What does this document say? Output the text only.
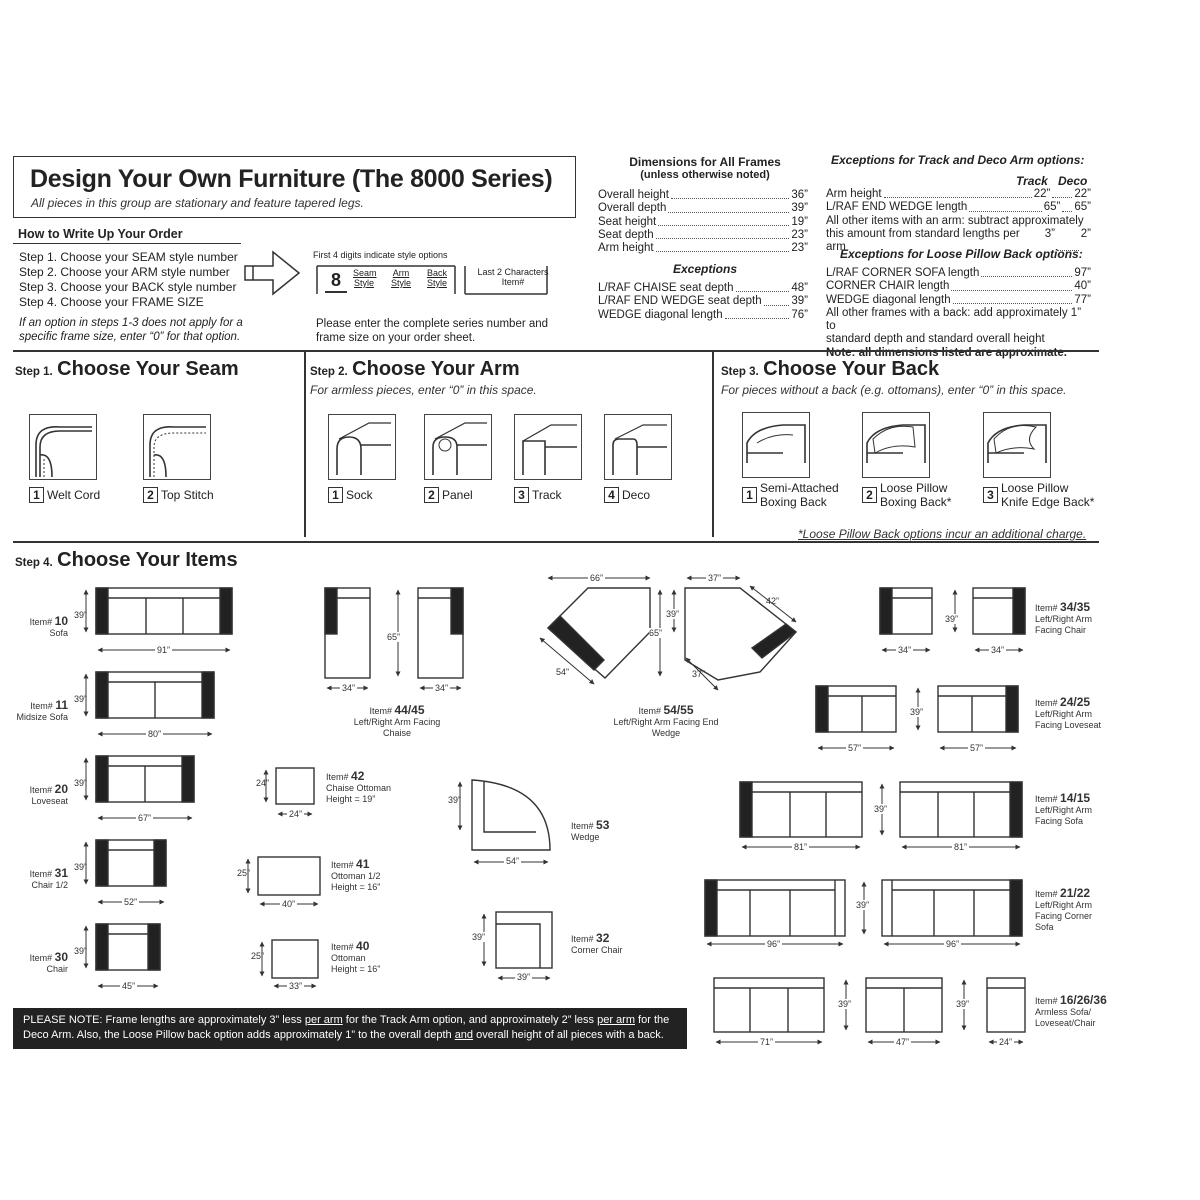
Design Your Own Furniture (The 8000 Series)
All pieces in this group are stationary and feature tapered legs.
How to Write Up Your Order
Step 1. Choose your SEAM style number
Step 2. Choose your ARM style number
Step 3. Choose your BACK style number
Step 4. Choose your FRAME SIZE
If an option in steps 1-3 does not apply for a specific frame size, enter “0” for that option.
First 4 digits indicate style options
8 Seam Style
Arm Style
Back Style
Last 2 Characters Item#
Please enter the complete series number and frame size on your order sheet.
Dimensions for All Frames
(unless otherwise noted)
Overall height	36”
Overall depth	39”
Seat height	19”
Seat depth	23”
Arm height	23”
Exceptions
L/RAF CHAISE seat depth	48”
L/RAF END WEDGE seat depth	39”
WEDGE diagonal length	76”
Exceptions for Track and Deco Arm options:
Track Deco
Arm height	22” 22”
L/RAF END WEDGE length	65” 65”
All other items with an arm: subtract approximately
this amount from standard lengths per arm
3” 2”
Exceptions for Loose Pillow Back options:
L/RAF CORNER SOFA length	97”
CORNER CHAIR length	40”
WEDGE diagonal length	77”
All other frames with a back: add approximately 1” to
standard depth and standard overall height
Note: all dimensions listed are approximate.
Step 1. Choose Your Seam
1 Welt Cord	2 Top Stitch
Step 2. Choose Your Arm
For armless pieces, enter “0” in this space.
1 Sock	2 Panel	3 Track	4 Deco
Step 3. Choose Your Back
For pieces without a back (e.g. ottomans), enter “0” in this space.
1 Semi-Attached
Boxing Back	2 Loose Pillow
Boxing Back*	3 Loose Pillow
Knife Edge Back*
*Loose Pillow Back options incur an additional charge.
Step 4. Choose Your Items
Item# 10
Sofa
Item# 11
Midsize Sofa
Item# 20
Loveseat
Item# 31
Chair 1/2
Item# 30
Chair
Item# 44/45
Left/Right Arm Facing Chaise
Item# 42
Chaise Ottoman
Height = 19”
Item# 41
Ottoman 1/2
Height = 16”
Item# 40
Ottoman
Height = 16”
Item# 54/55
Left/Right Arm Facing End Wedge
Item# 53
Wedge
Item# 32
Corner Chair
Item# 34/35
Left/Right Arm
Facing Chair
Item# 24/25
Left/Right Arm
Facing Loveseat
Item# 14/15
Left/Right Arm
Facing Sofa
Item# 21/22
Left/Right Arm
Facing Corner
Sofa
Item# 16/26/36
Armless Sofa/
Loveseat/Chair
39”
91”
39”
80”
39”
67”
39”
52”
39”
45”
65”
34”	34”
24”
24”
25”
40”
25”
33”
66”	37”
42”
65”
39”
54”	37”
39”
54”
39”
39”
39”
34”	34”
39”
57”	57”
39”
81”	81”
39”
96”	96”
39”	39”
71”	47”	24”
PLEASE NOTE: Frame lengths are approximately 3” less per arm for the Track Arm option, and approximately 2” less per arm for the
Deco Arm. Also, the Loose Pillow back option adds approximately 1” to the overall depth and overall height of all pieces with a back.
